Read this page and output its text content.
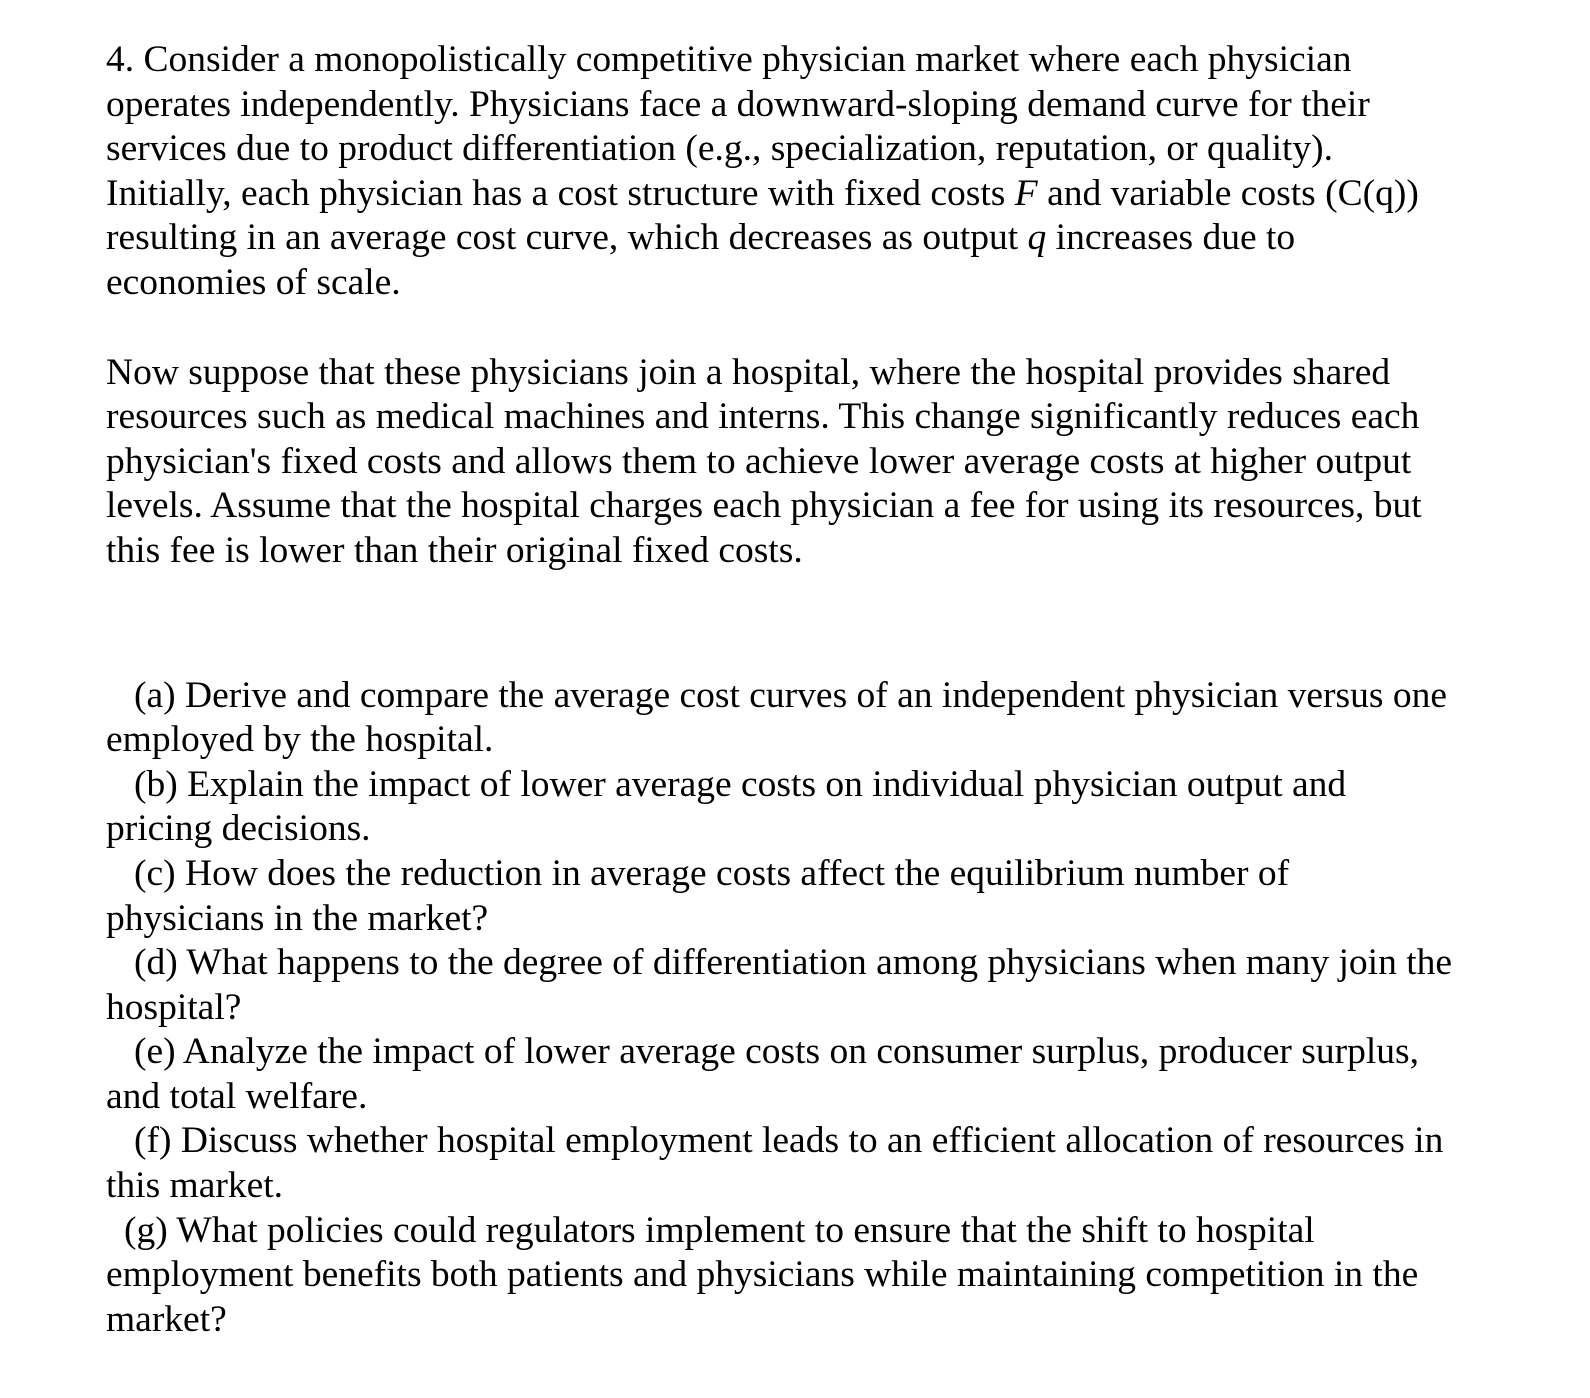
4. Consider a monopolistically competitive physician market where each physician
operates independently. Physicians face a downward-sloping demand curve for their
services due to product differentiation (e.g., specialization, reputation, or quality).
Initially, each physician has a cost structure with fixed costs F and variable costs (C(q))
resulting in an average cost curve, which decreases as output q increases due to
economies of scale.
Now suppose that these physicians join a hospital, where the hospital provides shared
resources such as medical machines and interns. This change significantly reduces each
physician's fixed costs and allows them to achieve lower average costs at higher output
levels. Assume that the hospital charges each physician a fee for using its resources, but
this fee is lower than their original fixed costs.
(a) Derive and compare the average cost curves of an independent physician versus one
employed by the hospital.
(b) Explain the impact of lower average costs on individual physician output and
pricing decisions.
(c) How does the reduction in average costs affect the equilibrium number of
physicians in the market?
(d) What happens to the degree of differentiation among physicians when many join the
hospital?
(e) Analyze the impact of lower average costs on consumer surplus, producer surplus,
and total welfare.
(f) Discuss whether hospital employment leads to an efficient allocation of resources in
this market.
(g) What policies could regulators implement to ensure that the shift to hospital
employment benefits both patients and physicians while maintaining competition in the
market?
